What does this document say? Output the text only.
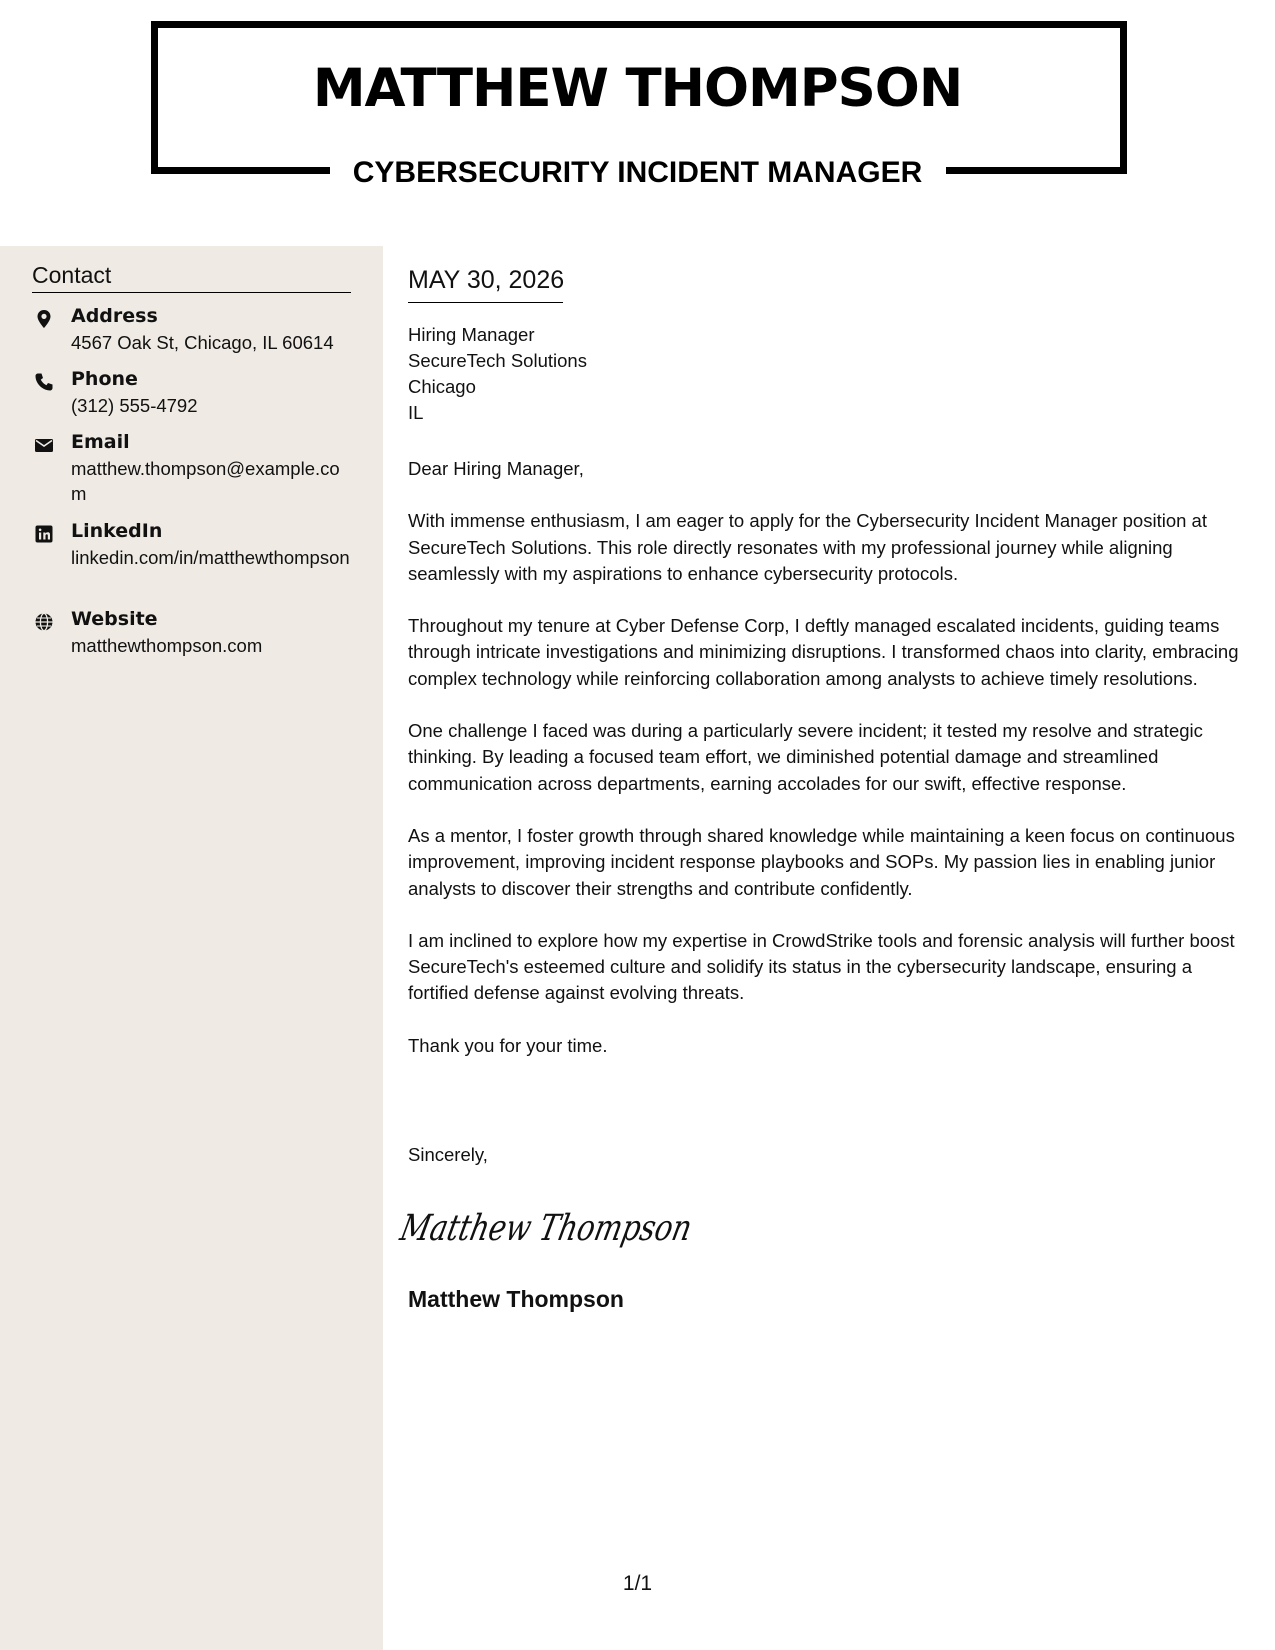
MATTHEW THOMPSON
CYBERSECURITY INCIDENT MANAGER
Contact
Address
4567 Oak St, Chicago, IL 60614
Phone
(312) 555-4792
Email
matthew.thompson@example.com
LinkedIn
linkedin.com/in/matthewthompson
Website
matthewthompson.com
MAY 30, 2026
Hiring Manager
SecureTech Solutions
Chicago
IL

Dear Hiring Manager,

With immense enthusiasm, I am eager to apply for the Cybersecurity Incident Manager position at SecureTech Solutions. This role directly resonates with my professional journey while aligning seamlessly with my aspirations to enhance cybersecurity protocols.

Throughout my tenure at Cyber Defense Corp, I deftly managed escalated incidents, guiding teams through intricate investigations and minimizing disruptions. I transformed chaos into clarity, embracing complex technology while reinforcing collaboration among analysts to achieve timely resolutions.

One challenge I faced was during a particularly severe incident; it tested my resolve and strategic thinking. By leading a focused team effort, we diminished potential damage and streamlined communication across departments, earning accolades for our swift, effective response.

As a mentor, I foster growth through shared knowledge while maintaining a keen focus on continuous improvement, improving incident response playbooks and SOPs. My passion lies in enabling junior analysts to discover their strengths and contribute confidently.

I am inclined to explore how my expertise in CrowdStrike tools and forensic analysis will further boost SecureTech's esteemed culture and solidify its status in the cybersecurity landscape, ensuring a fortified defense against evolving threats.

Thank you for your time.

Sincerely,
Matthew Thompson
Matthew Thompson
1/1
